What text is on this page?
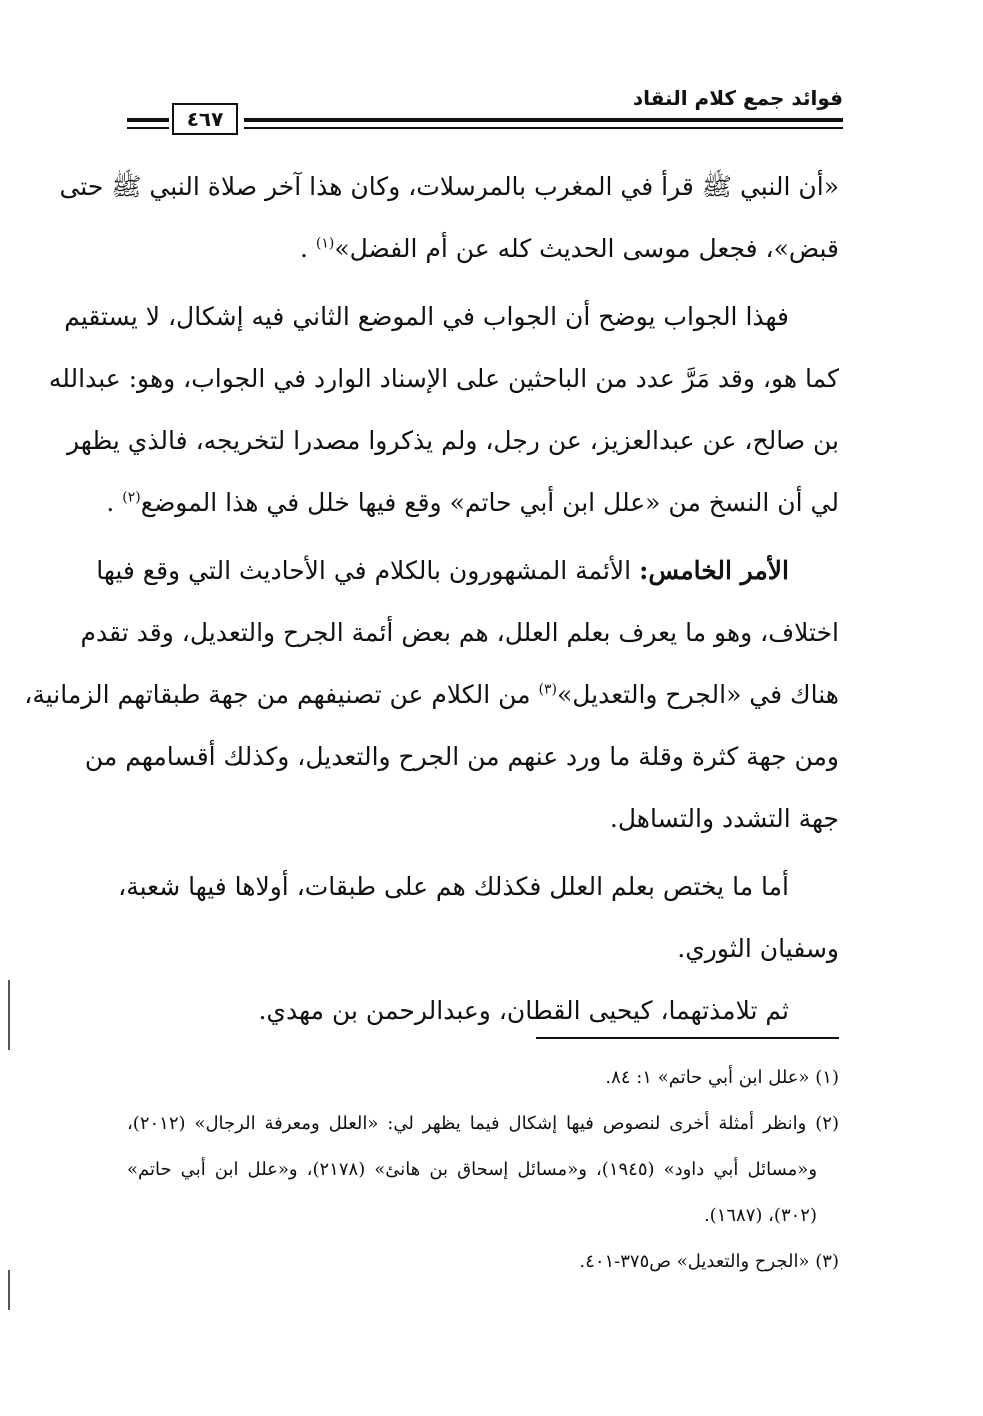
فوائد جمع كلام النقاد
٤٦٧
«أن النبي ﷺ قرأ في المغرب بالمرسلات، وكان هذا آخر صلاة النبي ﷺ حتى
قبض»، فجعل موسى الحديث كله عن أم الفضل»$^{(١)}$ .
فهذا الجواب يوضح أن الجواب في الموضع الثاني فيه إشكال، لا يستقيم
كما هو، وقد مَرَّ عدد من الباحثين على الإسناد الوارد في الجواب، وهو: عبدالله
بن صالح، عن عبدالعزيز، عن رجل، ولم يذكروا مصدرا لتخريجه، فالذي يظهر
لي أن النسخ من «علل ابن أبي حاتم» وقع فيها خلل في هذا الموضع$^{(٢)}$ .
الأمر الخامس: الأئمة المشهورون بالكلام في الأحاديث التي وقع فيها
اختلاف، وهو ما يعرف بعلم العلل، هم بعض أئمة الجرح والتعديل، وقد تقدم
هناك في «الجرح والتعديل»$^{(٣)}$ من الكلام عن تصنيفهم من جهة طبقاتهم الزمانية،
ومن جهة كثرة وقلة ما ورد عنهم من الجرح والتعديل، وكذلك أقسامهم من
جهة التشدد والتساهل.
أما ما يختص بعلم العلل فكذلك هم على طبقات، أولاها فيها شعبة،
وسفيان الثوري.
ثم تلامذتهما، كيحيى القطان، وعبدالرحمن بن مهدي.
(١) «علل ابن أبي حاتم» ١: ٨٤.
(٢) وانظر أمثلة أخرى لنصوص فيها إشكال فيما يظهر لي: «العلل ومعرفة الرجال» (٢٠١٢)،
و«مسائل أبي داود» (١٩٤٥)، و«مسائل إسحاق بن هانئ» (٢١٧٨)، و«علل ابن أبي حاتم»
(٣٠٢)، (١٦٨٧).
(٣) «الجرح والتعديل» ص٣٧٥-٤٠١.
